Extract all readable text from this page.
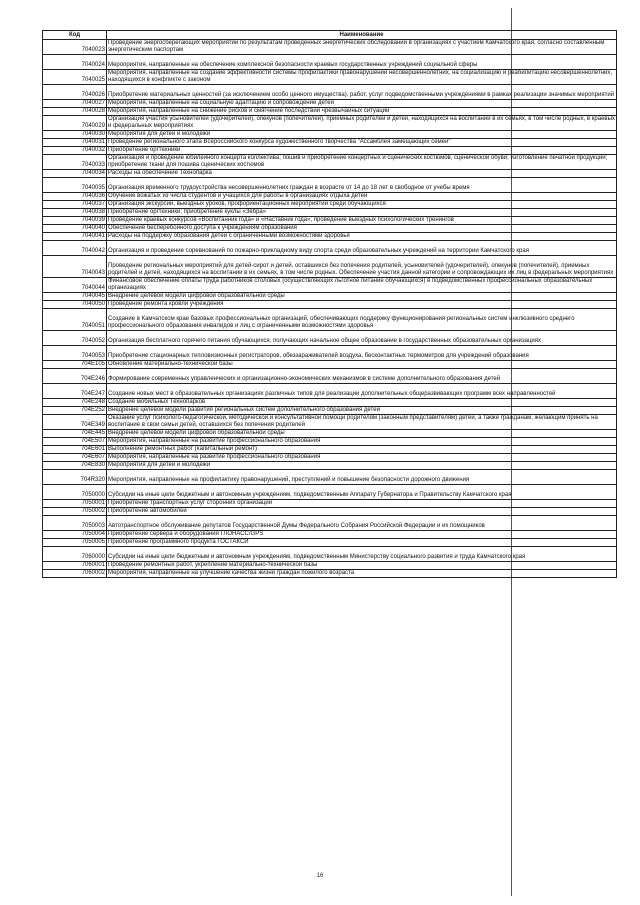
Код	Наименование
7040023	Проведение энергосберегающих мероприятий по результатам проведенных энергетических обследований в организациях с участием Камчатского края, согласно составленным энергетическим паспортам
7040024	Мероприятия, направленные на обеспечение комплексной безопасности краевых государственных учреждений социальной сферы
7040025	Мероприятия, направленные на создание эффективности системы профилактики правонарушений несовершеннолетних, на социализацию и реабилитацию несовершеннолетних, находящихся в конфликте с законом
7040026	Приобретение материальных ценностей (за исключением особо ценного имущества), работ, услуг подведомственными учреждениями в рамках реализации значимых мероприятий
7040027	Мероприятия, направленные на социальную адаптацию и сопровождение детей
7040028	Мероприятия, направленные на снижение рисков и смягчение последствий чрезвычайных ситуаций
7040029	Организация участия усыновителей (удочерителей), опекунов (попечителей), приемных родителей и детей, находящихся на воспитании в их семьях, в том числе родных, в краевых и федеральных мероприятиях
7040030	Мероприятия для детей и молодежи
7040031	Проведение регионального этапа Всероссийского конкурса художественного творчества "Ассамблея замещающих семей"
7040032	Приобретение оргтехники
7040033	Организация и проведение юбилейного концерта коллектива; пошив и приобретение концертных и сценических костюмов, сценической обуви; изготовление печатной продукции; приобретение ткани для пошива сценических костюмов
7040034	Расходы на обеспечение Технопарка
7040035	Организация временного трудоустройства несовершеннолетних граждан в возрасте от 14 до 18 лет в свободное от учебы время
7040036	Обучение вожатых из числа студентов и учащихся для работы в организациях отдыха детей
7040037	Организация экскурсий, выездных уроков, профориентационных мероприятий среди обучающихся
7040038	Приобретение оргтехники; приобретение куклы «Зебра»
7040039	Проведение краевых конкурсов «Воспитанник года» и «Наставник года»; проведение выездных психологических тренингов
7040040	Обеспечение бесперебойного доступа к учреждениям образования
7040041	Расходы на поддержку образования детей с ограниченными возможностями здоровья
7040042	Организация и проведение соревнований по пожарно-прикладному виду спорта среди образовательных учреждений на территории Камчатского края
7040043	Проведение региональных мероприятий для детей-сирот и детей, оставшихся без попечения родителей, усыновителей (удочерителей), опекунов (попечителей), приемных родителей и детей, находящихся на воспитании в их семьях, в том числе родных. Обеспечение участия данной категории и сопровождающих их лиц в федеральных мероприятиях
7040044	Финансовое обеспечение оплаты труда работников столовых (осуществляющих льготное питание обучающихся) в подведомственных профессиональных образовательных организациях
7040045	Внедрение целевой модели цифровой образовательной среды
7040050	Проведение ремонта кровли учреждения
7040051	Создание в Камчатском крае базовых профессиональных организаций, обеспечивающих поддержку функционирования региональных систем инклюзивного среднего профессионального образования инвалидов и лиц с ограниченными возможностями здоровья
7040052	Организация бесплатного горячего питания обучающихся, получающих начальное общее образование в государственных образовательных организациях
7040053	Приобретение стационарных тепловизионных регистраторов, обеззараживателей воздуха, бесконтактных термометров для учреждений образования
704E105	Обновление материально-технической базы
704E246	Формирование современных управленческих и организационно-экономических механизмов в системе дополнительного образования детей
704E247	Создание новых мест в образовательных организациях различных типов для реализации дополнительных общеразвивающих программ всех направленностей
704E248	Создание мобильных Технопарков
704E252	Внедрение целевой модели развития региональных систем дополнительного образования детей
704E349	Оказание услуг психолого-педагогической, методической и консультативной помощи родителям (законным представителям) детей, а также гражданам, желающим принять на воспитание в свои семьи детей, оставшихся без попечения родителей
704E445	Внедрение целевой модели цифровой образовательной среды
704E507	Мероприятия, направленные на развитие профессионального образования
704E601	Выполнение ремонтных работ (капитальный ремонт)
704E607	Мероприятия, направленные на развитие профессионального образования
704E830	Мероприятия для детей и молодежи
704R320	Мероприятия, направленные на профилактику правонарушений, преступлений и повышение безопасности дорожного движения
7050000	Субсидии на иные цели бюджетным и автономным учреждениям, подведомственным Аппарату Губернатора и Правительству Камчатского края
7050001	Приобретение транспортных услуг сторонних организаций
7050002	Приобретение автомобилей
7050003	Автотранспортное обслуживание депутатов Государственной Думы Федерального Собрания Российской Федерации и их помощников
7050004	Приобретение сервера и оборудования ГЛОНАСС/GPS
7050005	Приобретение программного продукта ГОСТАКСИ
7060000	Субсидии на иные цели бюджетным и автономным учреждениям, подведомственным Министерству социального развития и труда Камчатского края
7060001	Проведение ремонтных работ, укрепление материально-технической базы
7060002	Мероприятия, направленные на улучшение качества жизни граждан пожилого возраста
16
